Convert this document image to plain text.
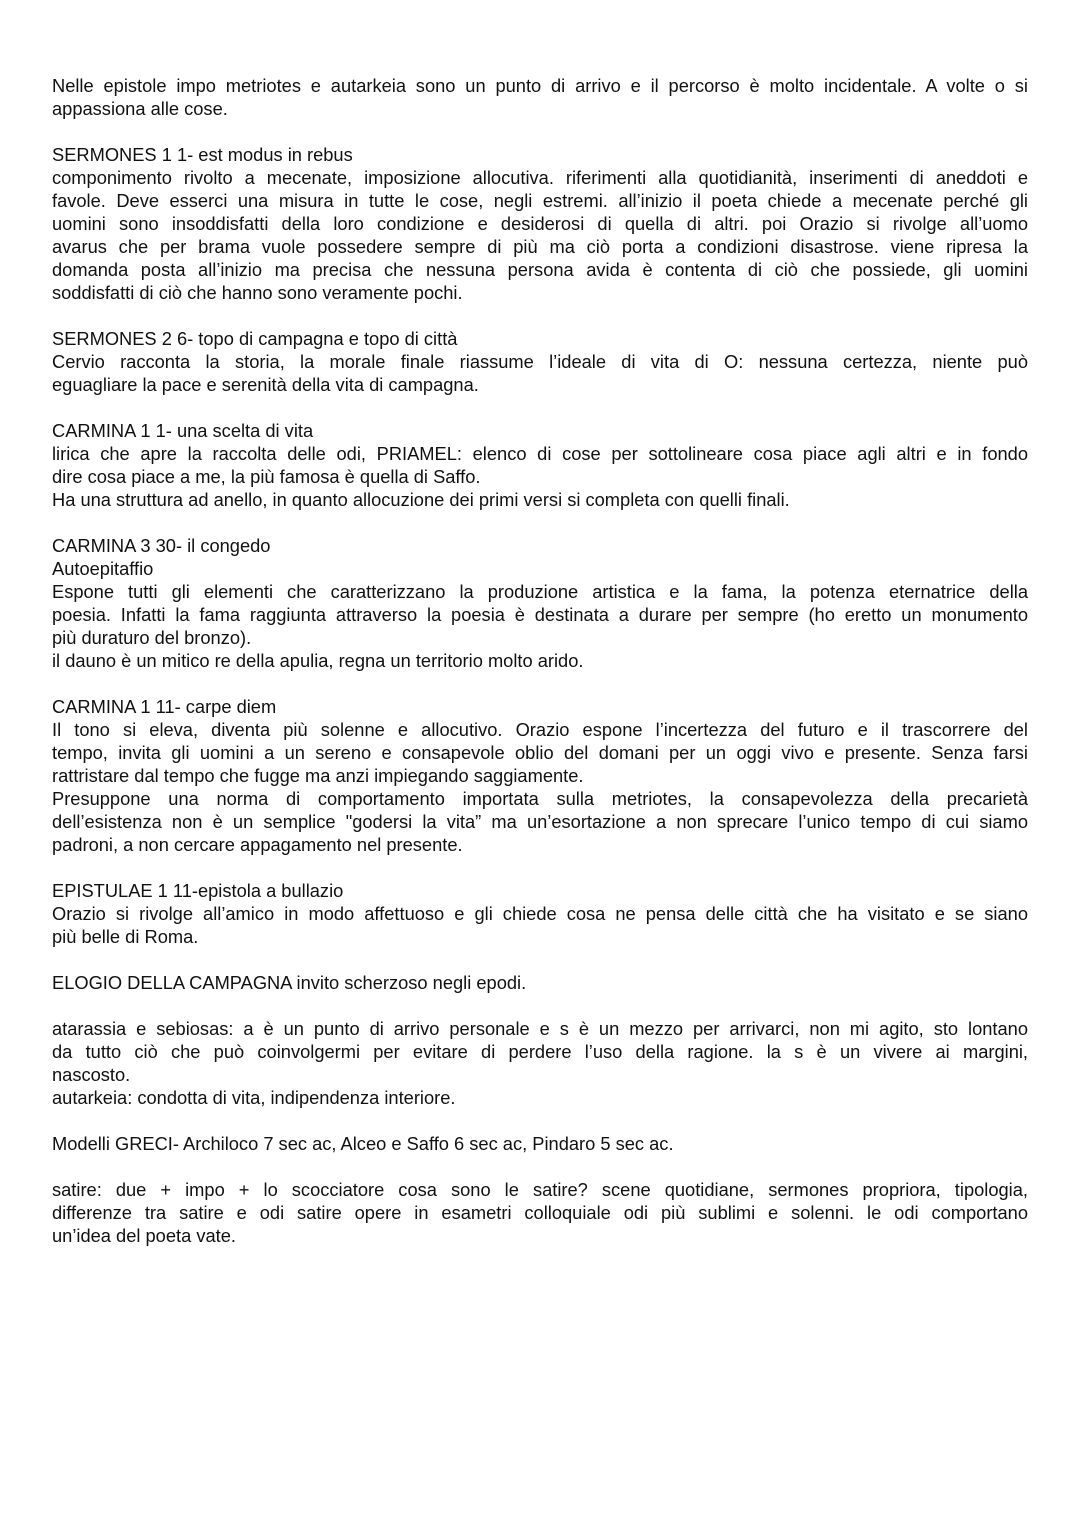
Nelle epistole impo metriotes e autarkeia sono un punto di arrivo e il percorso è molto incidentale. A volte o si
appassiona alle cose.
SERMONES 1 1- est modus in rebus
componimento rivolto a mecenate, imposizione allocutiva. riferimenti alla quotidianità, inserimenti di aneddoti e
favole. Deve esserci una misura in tutte le cose, negli estremi. all’inizio il poeta chiede a mecenate perché gli
uomini sono insoddisfatti della loro condizione e desiderosi di quella di altri. poi Orazio si rivolge all’uomo
avarus che per brama vuole possedere sempre di più ma ciò porta a condizioni disastrose. viene ripresa la
domanda posta all’inizio ma precisa che nessuna persona avida è contenta di ciò che possiede, gli uomini
soddisfatti di ciò che hanno sono veramente pochi.
SERMONES 2 6- topo di campagna e topo di città
Cervio racconta la storia, la morale finale riassume l’ideale di vita di O: nessuna certezza, niente può
eguagliare la pace e serenità della vita di campagna.
CARMINA 1 1- una scelta di vita
lirica che apre la raccolta delle odi, PRIAMEL: elenco di cose per sottolineare cosa piace agli altri e in fondo
dire cosa piace a me, la più famosa è quella di Saffo.
Ha una struttura ad anello, in quanto allocuzione dei primi versi si completa con quelli finali.
CARMINA 3 30- il congedo
Autoepitaffio
Espone tutti gli elementi che caratterizzano la produzione artistica e la fama, la potenza eternatrice della
poesia. Infatti la fama raggiunta attraverso la poesia è destinata a durare per sempre (ho eretto un monumento
più duraturo del bronzo).
il dauno è un mitico re della apulia, regna un territorio molto arido.
CARMINA 1 11- carpe diem
Il tono si eleva, diventa più solenne e allocutivo. Orazio espone l’incertezza del futuro e il trascorrere del
tempo, invita gli uomini a un sereno e consapevole oblio del domani per un oggi vivo e presente. Senza farsi
rattristare dal tempo che fugge ma anzi impiegando saggiamente.
Presuppone una norma di comportamento importata sulla metriotes, la consapevolezza della precarietà
dell’esistenza non è un semplice "godersi la vita” ma un’esortazione a non sprecare l’unico tempo di cui siamo
padroni, a non cercare appagamento nel presente.
EPISTULAE 1 11-epistola a bullazio
Orazio si rivolge all’amico in modo affettuoso e gli chiede cosa ne pensa delle città che ha visitato e se siano
più belle di Roma.
ELOGIO DELLA CAMPAGNA invito scherzoso negli epodi.
atarassia e sebiosas: a è un punto di arrivo personale e s è un mezzo per arrivarci, non mi agito, sto lontano
da tutto ciò che può coinvolgermi per evitare di perdere l’uso della ragione. la s è un vivere ai margini,
nascosto.
autarkeia: condotta di vita, indipendenza interiore.
Modelli GRECI- Archiloco 7 sec ac, Alceo e Saffo 6 sec ac, Pindaro 5 sec ac.
satire: due + impo + lo scocciatore cosa sono le satire? scene quotidiane, sermones propriora, tipologia,
differenze tra satire e odi satire opere in esametri colloquiale odi più sublimi e solenni. le odi comportano
un’idea del poeta vate.
